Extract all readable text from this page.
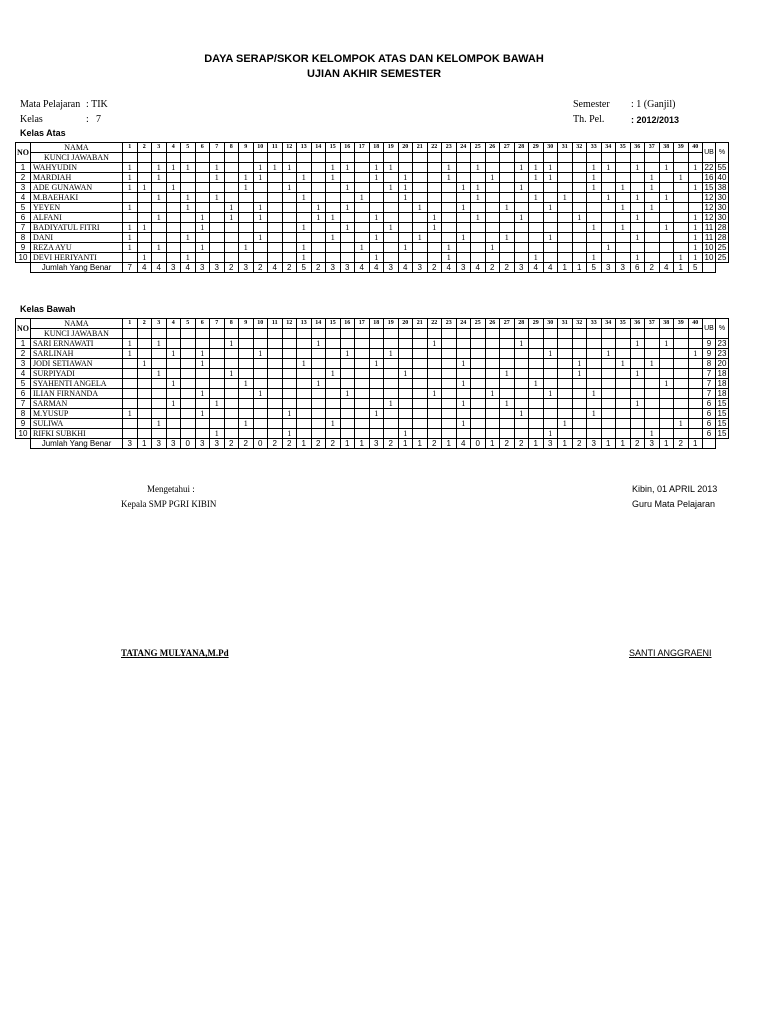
DAYA SERAP/SKOR KELOMPOK ATAS DAN KELOMPOK BAWAH
UJIAN AKHIR SEMESTER
Mata Pelajaran : TIK
Kelas	: 7
Semester : 1 (Ganjil)
Th. Pel.	: 2012/2013
Kelas Atas
NO	NAMA	1	2	3	4	5	6	7	8	9	10	11	12	13	14	15	16	17	18	19	20	21	22	23	24	25	26	27	28	29	30	31	32	33	34	35	36	37	38	39	40	UB	%
	KUNCI JAWABAN																																										
1	WAHYUDIN	1		1	1	1		1			1	1	1			1	1		1	1				1		1			1	1	1			1	1		1		1		1	22	55
2	MARDIAH	1		1				1		1	1			1		1			1		1			1			1			1	1			1				1		1		16	40
3	ADE GUNAWAN	1	1		1					1			1				1			1	1				1	1			1					1		1		1			1	15	38
4	M.BAEHAKI			1		1		1						1				1			1					1				1		1			1		1		1			12	30
5	YEYEN	1				1			1		1				1		1					1			1			1			1					1		1				12	30
6	ALFANI			1			1		1		1				1	1			1				1			1			1				1				1				1	12	30
7	BADIYATUL FITRI	1	1				1							1			1			1			1											1		1			1		1	11	28
8	DANI	1				1					1					1			1			1			1			1			1						1				1	11	28
9	REZA AYU	1		1			1			1				1				1			1			1			1								1						1	10	25
10	DEVI HERIYANTI		1			1								1					1					1						1				1			1			1	1	10	25
	Jumlah Yang Benar	7	4	4	3	4	3	3	2	3	2	4	2	5	2	3	3	4	4	3	4	3	2	4	3	4	2	2	3	4	4	1	1	5	3	3	6	2	4	1	5		
Kelas Bawah
NO	NAMA	1	2	3	4	5	6	7	8	9	10	11	12	13	14	15	16	17	18	19	20	21	22	23	24	25	26	27	28	29	30	31	32	33	34	35	36	37	38	39	40	UB	%
	KUNCI JAWABAN																																										
1	SARI ERNAWATI	1		1					1						1								1						1								1		1			9	23
2	SARLINAH	1			1		1				1						1			1											1				1						1	9	23
3	JODI SETIAWAN		1				1							1					1						1								1			1		1				8	20
4	SURPIYADI			1					1							1					1							1					1				1					7	18
5	SYAHENTI ANGELA				1					1					1										1					1									1			7	18
6	ILIAN FIRNANDA						1				1						1						1				1				1			1								7	18
7	SARMAN				1			1												1					1			1									1					6	15
8	M.YUSUP	1					1						1						1										1					1								6	15
9	SULIWA			1						1						1									1							1								1		6	15
10	RIFKI SUBKHI							1					1								1										1							1				6	15
	Jumlah Yang Benar	3	1	3	3	0	3	3	2	2	0	2	2	1	2	2	1	1	3	2	1	1	2	1	4	0	1	2	2	1	3	1	2	3	1	1	2	3	1	2	1		
Mengetahui :
Kepala SMP PGRI KIBIN
Kibin, 01 APRIL 2013
Guru Mata Pelajaran
TATANG MULYANA,M.Pd	SANTI ANGGRAENI
